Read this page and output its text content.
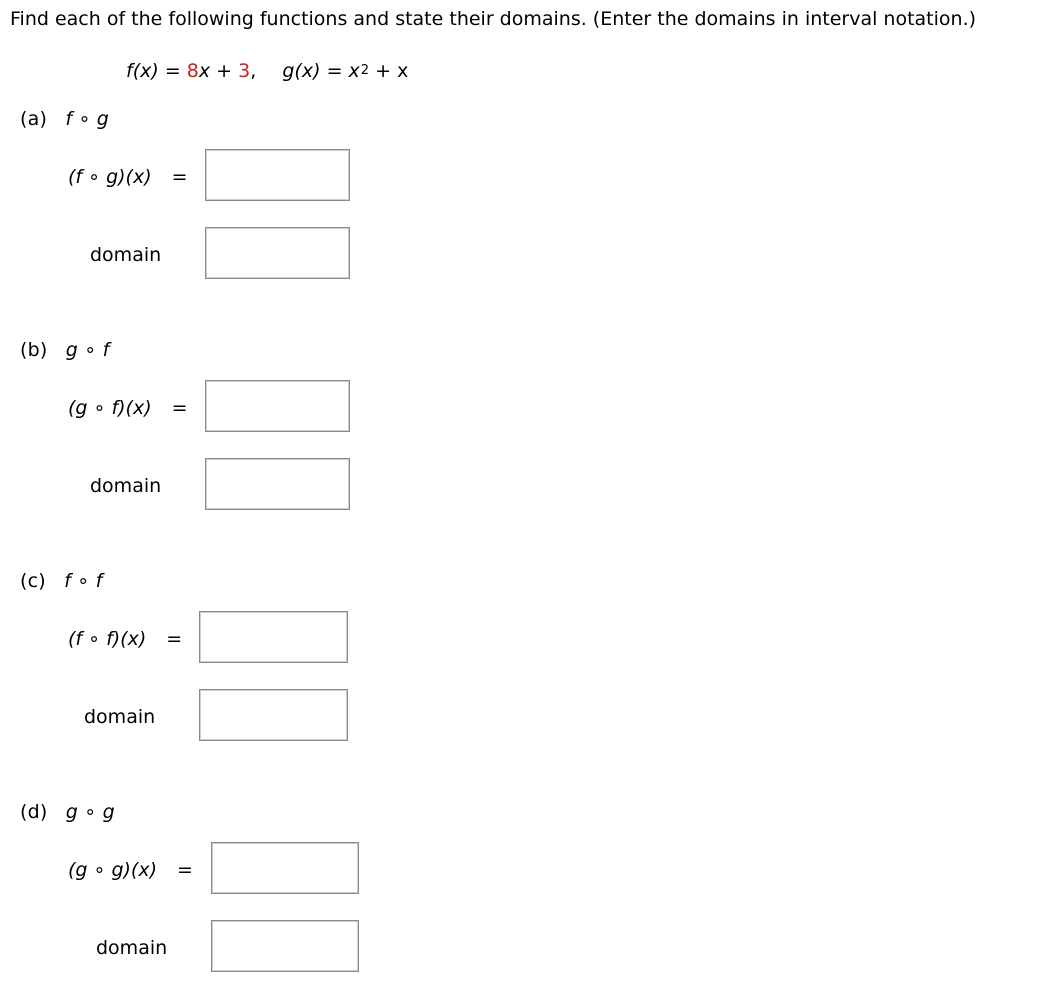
Find each of the following functions and state their domains. (Enter the domains in interval notation.)
f(x) = 8x + 3, $g(x) = x^2 + x$
(a) f ∘ g
(f ∘ g)(x) =
domain
(b) g ∘ f
(g ∘ f)(x) =
domain
(c) f ∘ f
(f ∘ f)(x) =
domain
(d) g ∘ g
(g ∘ g)(x) =
domain
